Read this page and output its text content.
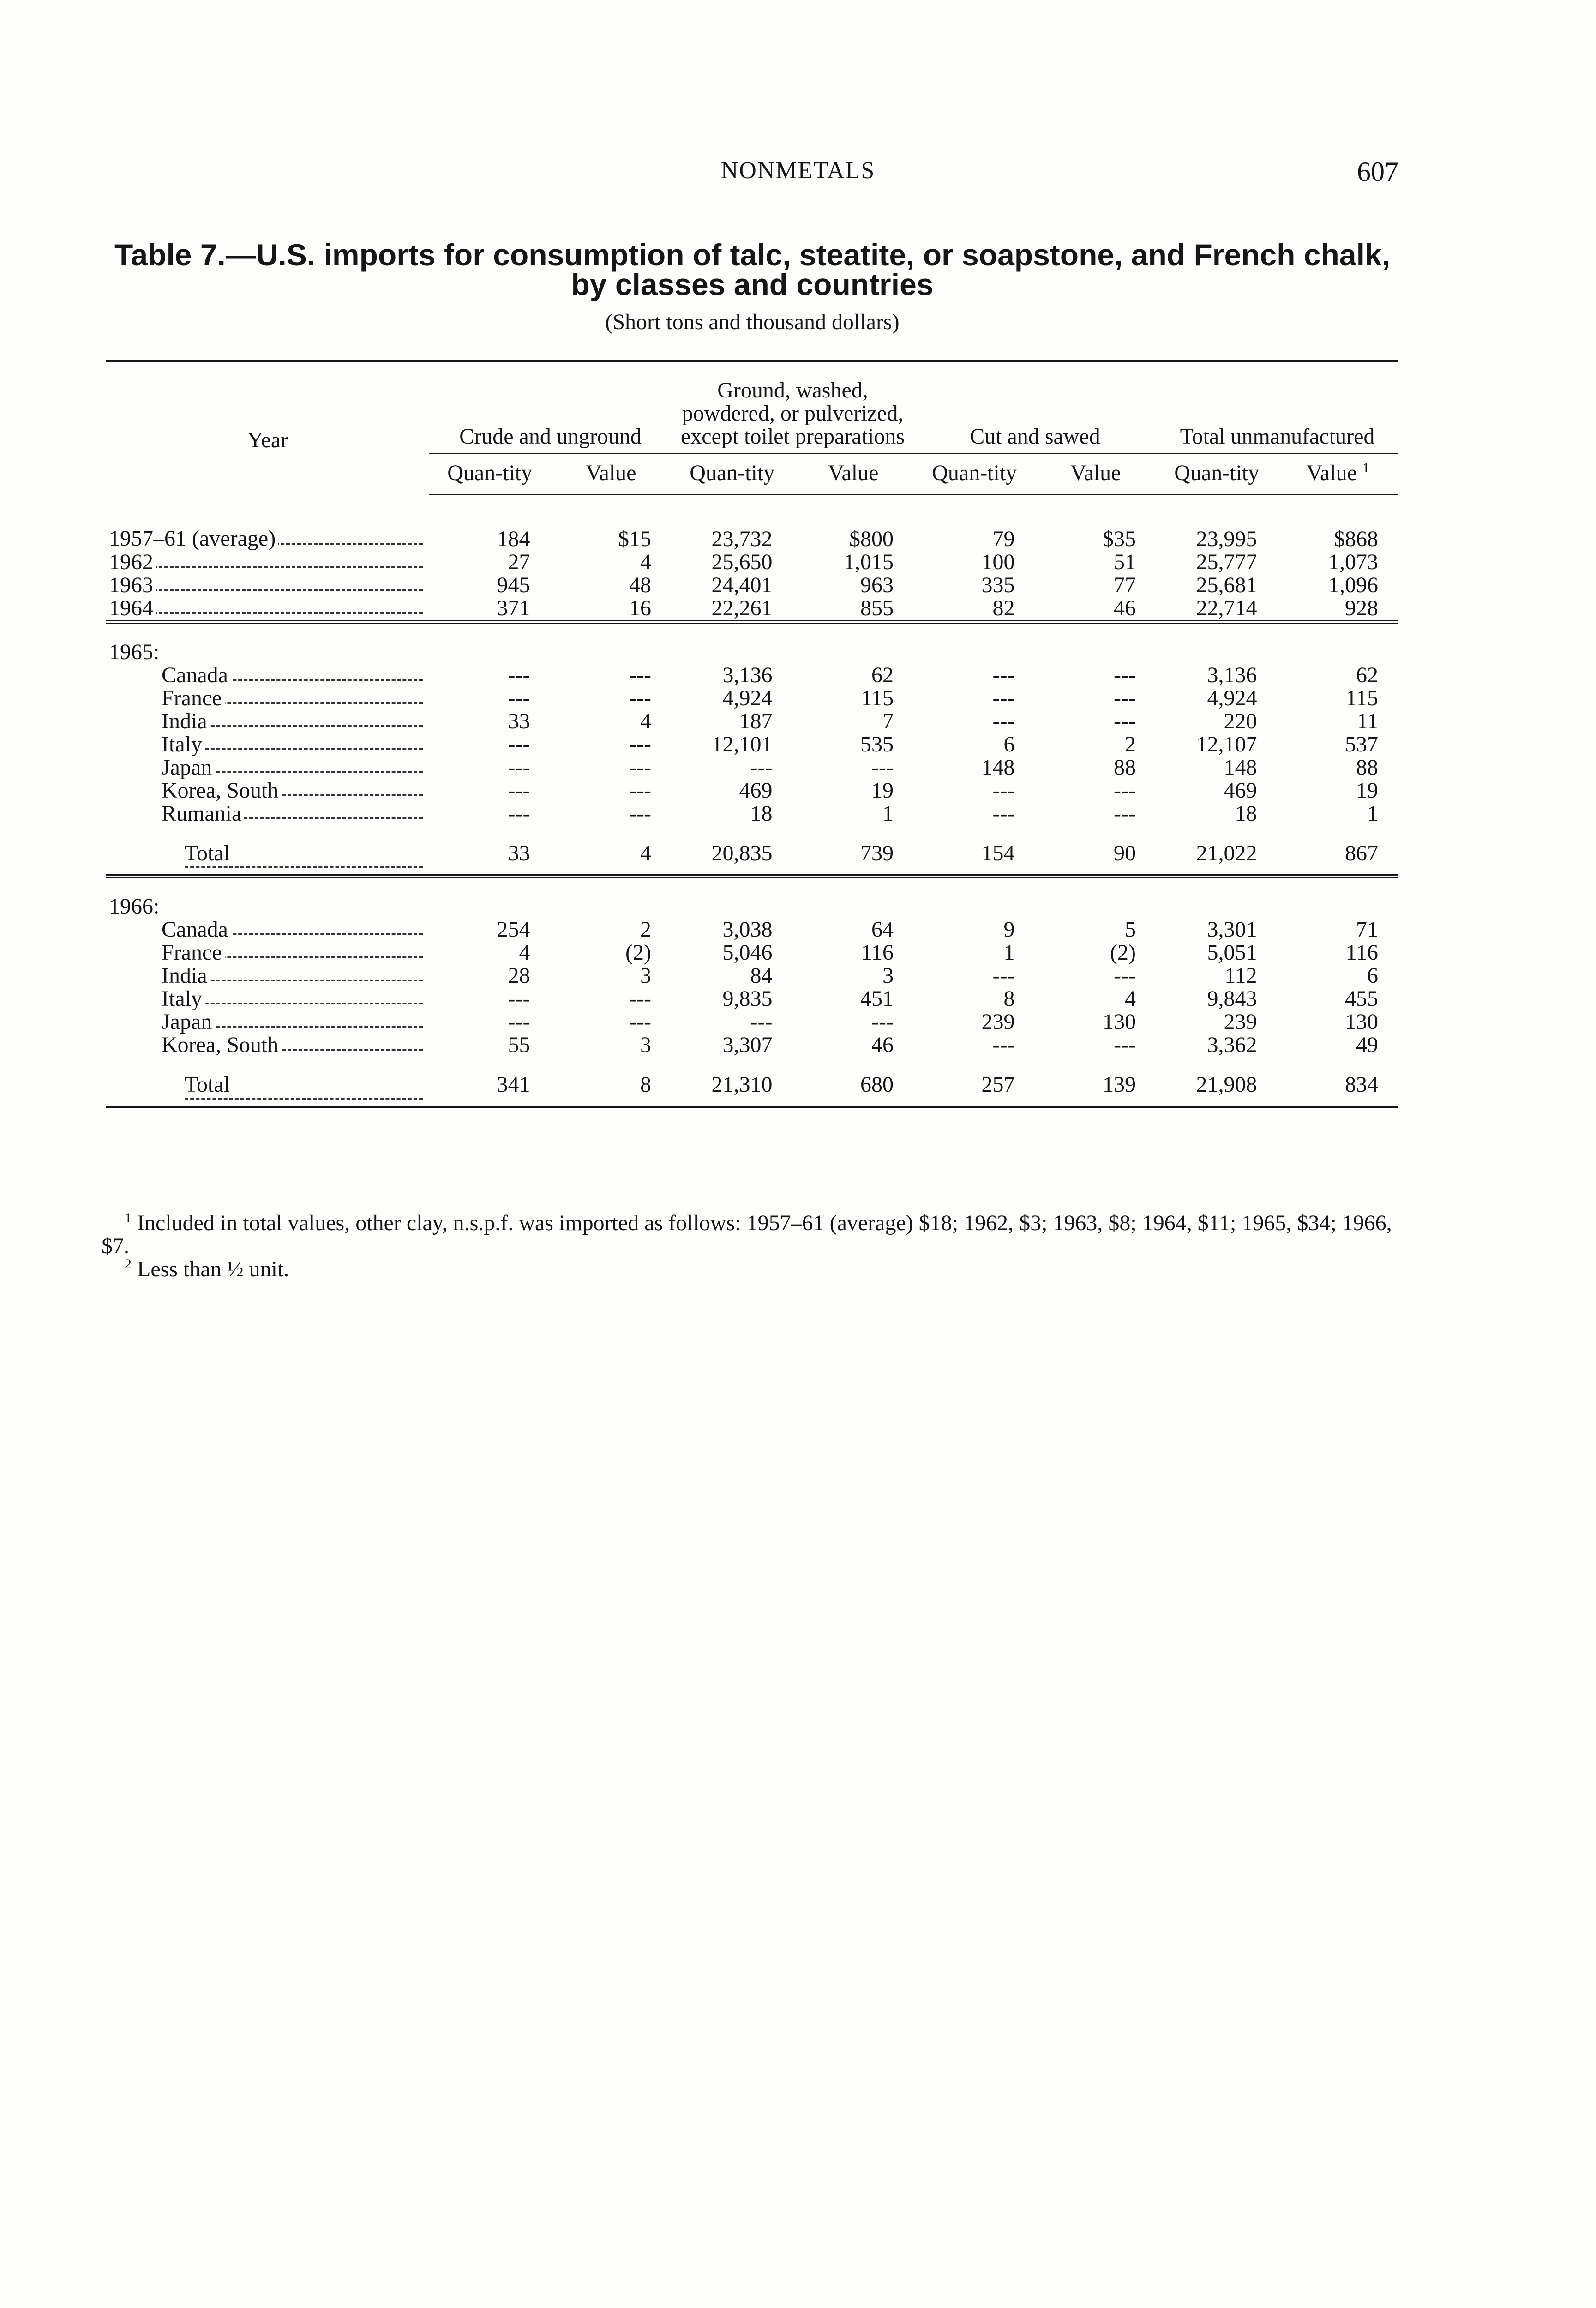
NONMETALS	607
Table 7.—U.S. imports for consumption of talc, steatite, or soapstone, and French chalk,
by classes and countries
(Short tons and thousand dollars)

Year	Crude and unground		Ground, washed, powdered, or pulverized, except toilet preparations		Cut and sawed		Total unmanufactured	
	Quan-tity	Value	Quan-tity	Value	Quan-tity	Value	Quan-tity	Value $^1$
1957–61 (average)	184	$15	23,732	$800	79	$35	23,995	$868
1962	27	4	25,650	1,015	100	51	25,777	1,073
1963	945	48	24,401	963	335	77	25,681	1,096
1964	371	16	22,261	855	82	46	22,714	928

1965:								
Canada	---	---	3,136	62	---	---	3,136	62
France	---	---	4,924	115	---	---	4,924	115
India	33	4	187	7	---	---	220	11
Italy	---	---	12,101	535	6	2	12,107	537
Japan	---	---	---	---	148	88	148	88
Korea, South	---	---	469	19	---	---	469	19
Rumania	---	---	18	1	---	---	18	1
Total	33	4	20,835	739	154	90	21,022	867

1966:								
Canada	254	2	3,038	64	9	5	3,301	71
France	4	(2)	5,046	116	1	(2)	5,051	116
India	28	3	84	3	---	---	112	6
Italy	---	---	9,835	451	8	4	9,843	455
Japan	---	---	---	---	239	130	239	130
Korea, South	55	3	3,307	46	---	---	3,362	49
Total	341	8	21,310	680	257	139	21,908	834

$^1$ Included in total values, other clay, n.s.p.f. was imported as follows: 1957–61 (average) $18; 1962, $3; 1963, $8; 1964, $11; 1965, $34; 1966, $7.

$^2$ Less than ½ unit.
